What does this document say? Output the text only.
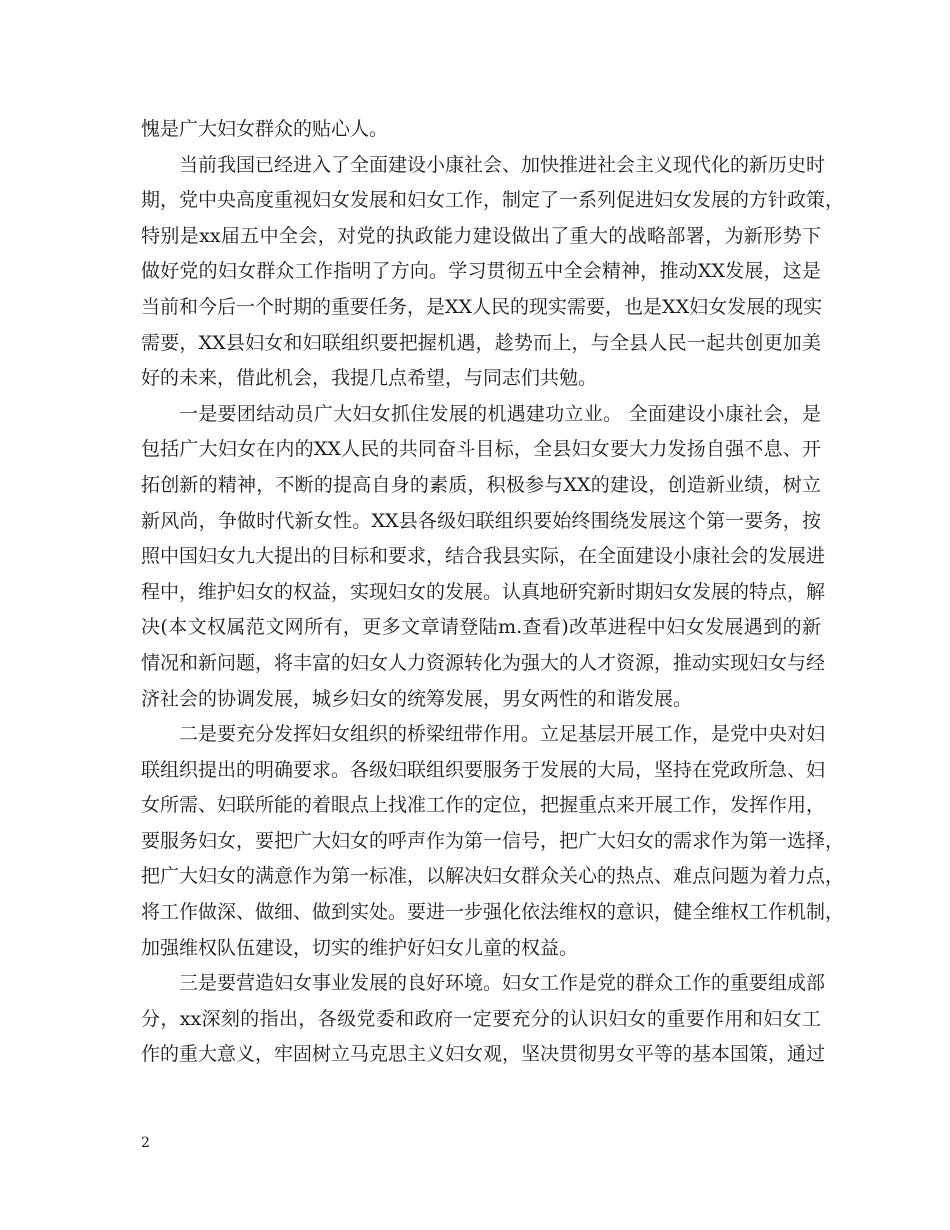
愧是广大妇女群众的贴心人。
当前我国已经进入了全面建设小康社会、加快推进社会主义现代化的新历史时
期，党中央高度重视妇女发展和妇女工作，制定了一系列促进妇女发展的方针政策，
特别是xx届五中全会，对党的执政能力建设做出了重大的战略部署，为新形势下
做好党的妇女群众工作指明了方向。学习贯彻五中全会精神，推动XX发展，这是
当前和今后一个时期的重要任务，是XX人民的现实需要，也是XX妇女发展的现实
需要，XX县妇女和妇联组织要把握机遇，趁势而上，与全县人民一起共创更加美
好的未来，借此机会，我提几点希望，与同志们共勉。
一是要团结动员广大妇女抓住发展的机遇建功立业。 全面建设小康社会，是
包括广大妇女在内的XX人民的共同奋斗目标，全县妇女要大力发扬自强不息、开
拓创新的精神，不断的提高自身的素质，积极参与XX的建设，创造新业绩，树立
新风尚，争做时代新女性。XX县各级妇联组织要始终围绕发展这个第一要务，按
照中国妇女九大提出的目标和要求，结合我县实际，在全面建设小康社会的发展进
程中，维护妇女的权益，实现妇女的发展。认真地研究新时期妇女发展的特点，解
决(本文权属范文网所有，更多文章请登陆m.查看)改革进程中妇女发展遇到的新
情况和新问题，将丰富的妇女人力资源转化为强大的人才资源，推动实现妇女与经
济社会的协调发展，城乡妇女的统筹发展，男女两性的和谐发展。
二是要充分发挥妇女组织的桥梁纽带作用。立足基层开展工作，是党中央对妇
联组织提出的明确要求。各级妇联组织要服务于发展的大局，坚持在党政所急、妇
女所需、妇联所能的着眼点上找准工作的定位，把握重点来开展工作，发挥作用，
要服务妇女，要把广大妇女的呼声作为第一信号，把广大妇女的需求作为第一选择，
把广大妇女的满意作为第一标准，以解决妇女群众关心的热点、难点问题为着力点，
将工作做深、做细、做到实处。要进一步强化依法维权的意识，健全维权工作机制，
加强维权队伍建设，切实的维护好妇女儿童的权益。
三是要营造妇女事业发展的良好环境。妇女工作是党的群众工作的重要组成部
分，xx深刻的指出，各级党委和政府一定要充分的认识妇女的重要作用和妇女工
作的重大意义，牢固树立马克思主义妇女观，坚决贯彻男女平等的基本国策，通过
2
